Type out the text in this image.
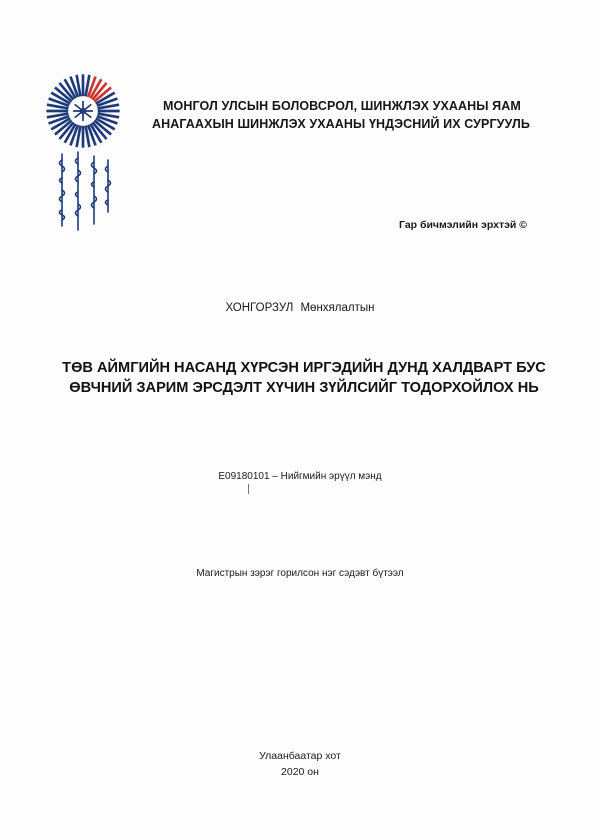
МОНГОЛ УЛСЫН БОЛОВСРОЛ, ШИНЖЛЭХ УХААНЫ ЯАМ
АНАГААХЫН ШИНЖЛЭХ УХААНЫ ҮНДЭСНИЙ ИХ СУРГУУЛЬ
Гар бичмэлийн эрхтэй ©
ХОНГОРЗУЛ Мөнхялалтын
ТӨВ АЙМГИЙН НАСАНД ХҮРСЭН ИРГЭДИЙН ДУНД ХАЛДВАРТ БУС
ӨВЧНИЙ ЗАРИМ ЭРСДЭЛТ ХҮЧИН ЗҮЙЛСИЙГ ТОДОРХОЙЛОХ НЬ
E09180101 – Нийгмийн эрүүл мэнд
Магистрын зэрэг горилсон нэг сэдэвт бүтээл
Улаанбаатар хот
2020 он
